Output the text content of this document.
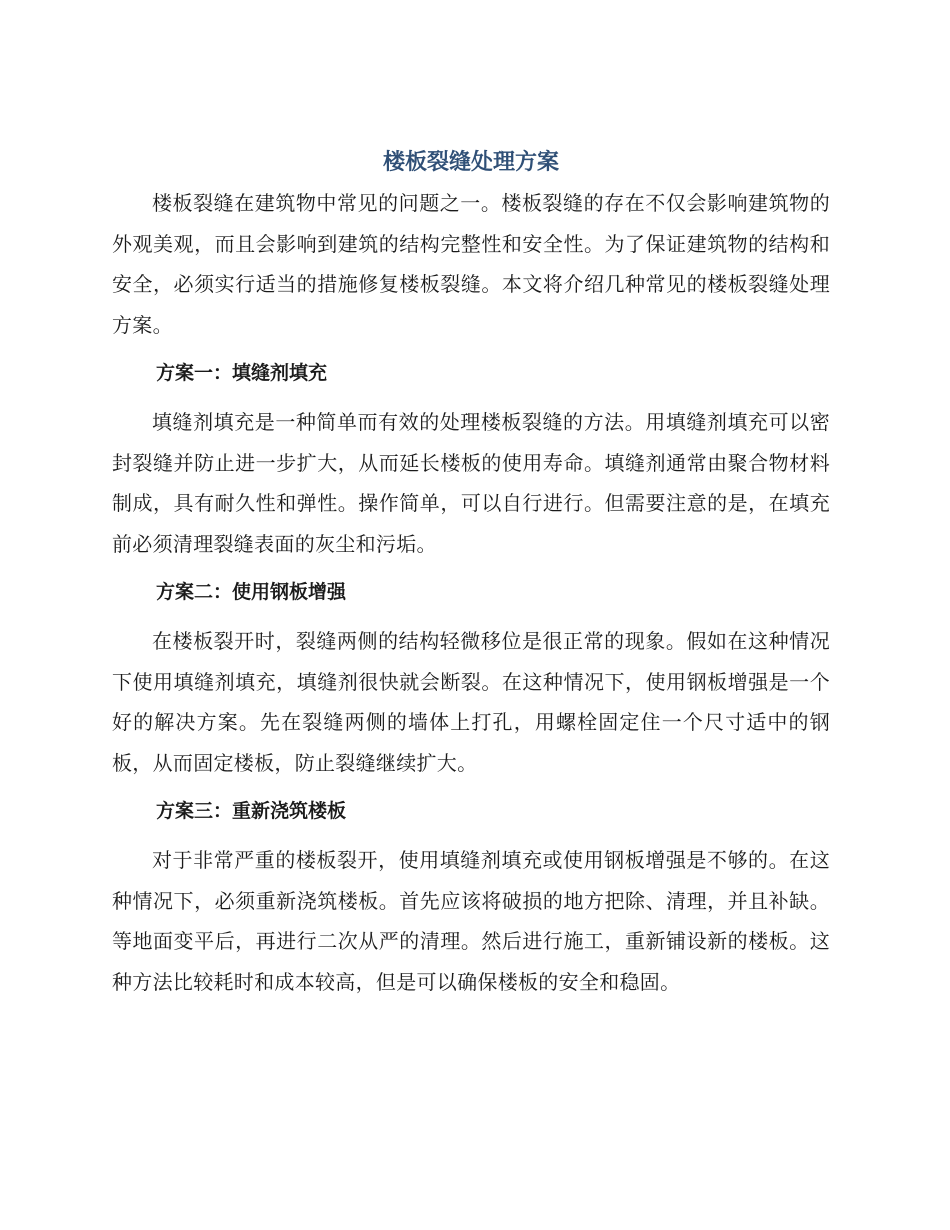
楼板裂缝处理方案

楼板裂缝在建筑物中常见的问题之一。楼板裂缝的存在不仅会影响建筑物的外观美观，而且会影响到建筑的结构完整性和安全性。为了保证建筑物的结构和安全，必须实行适当的措施修复楼板裂缝。本文将介绍几种常见的楼板裂缝处理方案。

方案一：填缝剂填充

填缝剂填充是一种简单而有效的处理楼板裂缝的方法。用填缝剂填充可以密封裂缝并防止进一步扩大，从而延长楼板的使用寿命。填缝剂通常由聚合物材料制成，具有耐久性和弹性。操作简单，可以自行进行。但需要注意的是，在填充前必须清理裂缝表面的灰尘和污垢。

方案二：使用钢板增强

在楼板裂开时，裂缝两侧的结构轻微移位是很正常的现象。假如在这种情况下使用填缝剂填充，填缝剂很快就会断裂。在这种情况下，使用钢板增强是一个好的解决方案。先在裂缝两侧的墙体上打孔，用螺栓固定住一个尺寸适中的钢板，从而固定楼板，防止裂缝继续扩大。

方案三：重新浇筑楼板

对于非常严重的楼板裂开，使用填缝剂填充或使用钢板增强是不够的。在这种情况下，必须重新浇筑楼板。首先应该将破损的地方把除、清理，并且补缺。等地面变平后，再进行二次从严的清理。然后进行施工，重新铺设新的楼板。这种方法比较耗时和成本较高，但是可以确保楼板的安全和稳固。
